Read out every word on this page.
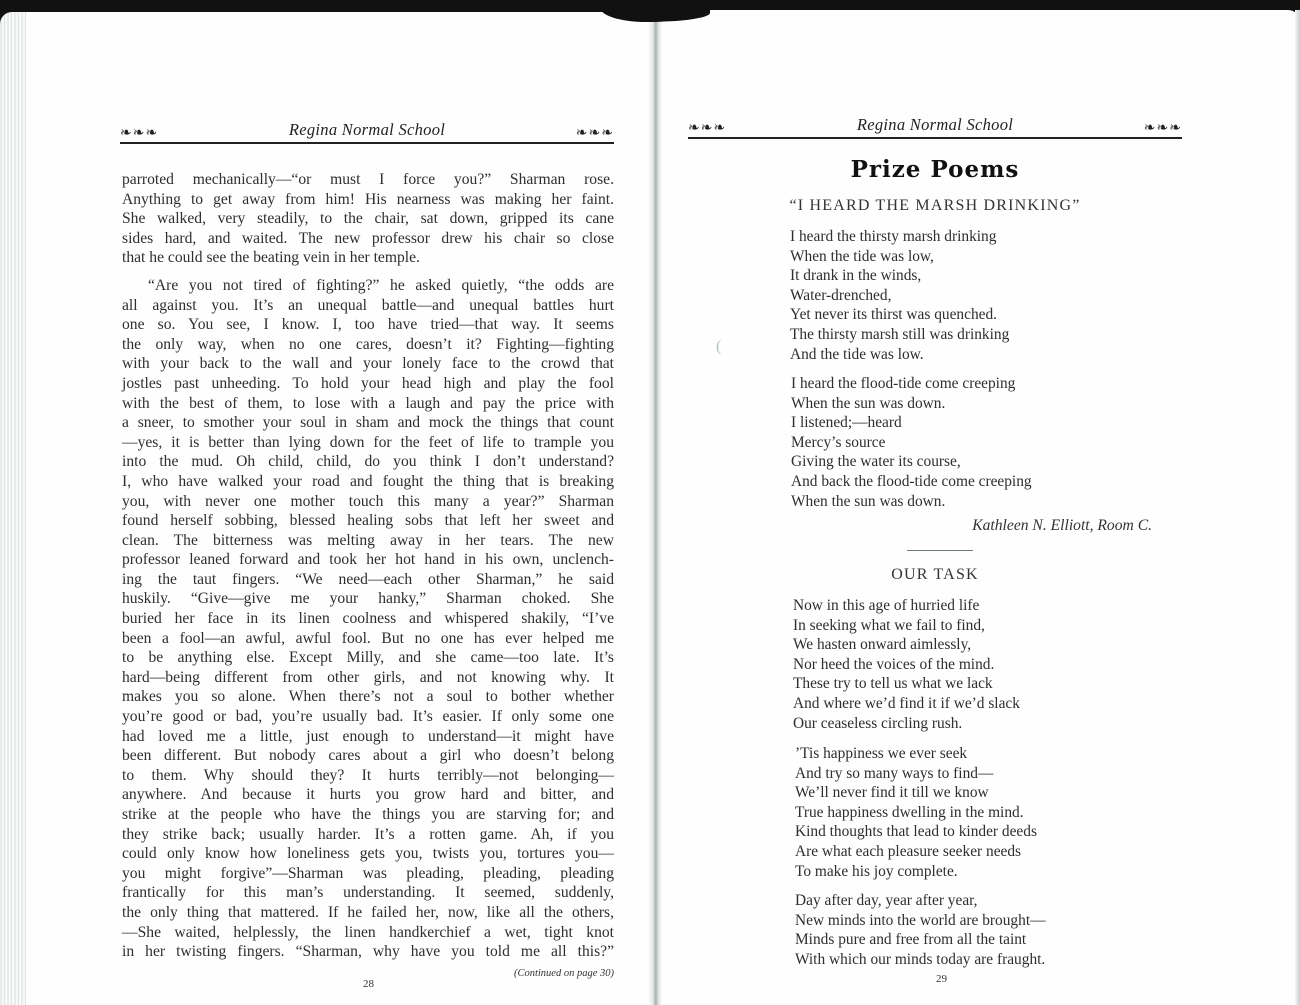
❧❧❧	Regina Normal School	❧❧❧

parroted mechanically—“or must I force you?” Sharman rose.
Anything to get away from him! His nearness was making her faint.
She walked, very steadily, to the chair, sat down, gripped its cane
sides hard, and waited. The new professor drew his chair so close
that he could see the beating vein in her temple.

“Are you not tired of fighting?” he asked quietly, “the odds are
all against you. It’s an unequal battle—and unequal battles hurt
one so. You see, I know. I, too have tried—that way. It seems
the only way, when no one cares, doesn’t it? Fighting—fighting
with your back to the wall and your lonely face to the crowd that
jostles past unheeding. To hold your head high and play the fool
with the best of them, to lose with a laugh and pay the price with
a sneer, to smother your soul in sham and mock the things that count
—yes, it is better than lying down for the feet of life to trample you
into the mud. Oh child, child, do you think I don’t understand?
I, who have walked your road and fought the thing that is breaking
you, with never one mother touch this many a year?” Sharman
found herself sobbing, blessed healing sobs that left her sweet and
clean. The bitterness was melting away in her tears. The new
professor leaned forward and took her hot hand in his own, unclench-
ing the taut fingers. “We need—each other Sharman,” he said
huskily. “Give—give me your hanky,” Sharman choked. She
buried her face in its linen coolness and whispered shakily, “I’ve
been a fool—an awful, awful fool. But no one has ever helped me
to be anything else. Except Milly, and she came—too late. It’s
hard—being different from other girls, and not knowing why. It
makes you so alone. When there’s not a soul to bother whether
you’re good or bad, you’re usually bad. It’s easier. If only some one
had loved me a little, just enough to understand—it might have
been different. But nobody cares about a girl who doesn’t belong
to them. Why should they? It hurts terribly—not belonging—
anywhere. And because it hurts you grow hard and bitter, and
strike at the people who have the things you are starving for; and
they strike back; usually harder. It’s a rotten game. Ah, if you
could only know how loneliness gets you, twists you, tortures you—
you might forgive”—Sharman was pleading, pleading, pleading
frantically for this man’s understanding. It seemed, suddenly,
the only thing that mattered. If he failed her, now, like all the others,
—She waited, helplessly, the linen handkerchief a wet, tight knot
in her twisting fingers. “Sharman, why have you told me all this?”

(Continued on page 30)
28
❧❧❧	Regina Normal School	❧❧❧
Prize Poems
“I HEARD THE MARSH DRINKING”
I heard the thirsty marsh drinking
When the tide was low,
It drank in the winds,
Water-drenched,
Yet never its thirst was quenched.
The thirsty marsh still was drinking
And the tide was low.
(
I heard the flood-tide come creeping
When the sun was down.
I listened;—heard
Mercy’s source
Giving the water its course,
And back the flood-tide come creeping
When the sun was down.
Kathleen N. Elliott, Room C.
OUR TASK
Now in this age of hurried life
In seeking what we fail to find,
We hasten onward aimlessly,
Nor heed the voices of the mind.
These try to tell us what we lack
And where we’d find it if we’d slack
Our ceaseless circling rush.
’Tis happiness we ever seek
And try so many ways to find—
We’ll never find it till we know
True happiness dwelling in the mind.
Kind thoughts that lead to kinder deeds
Are what each pleasure seeker needs
To make his joy complete.
Day after day, year after year,
New minds into the world are brought—
Minds pure and free from all the taint
With which our minds today are fraught.
29
